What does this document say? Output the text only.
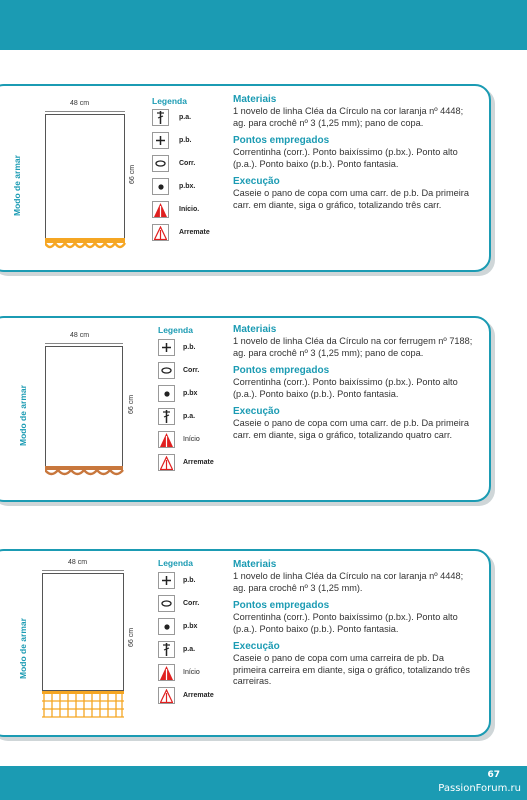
Modo de armar
48 cm
66 cm
Legenda
p.a.
p.b.
Corr.
p.bx.
Início.
Arremate
Materiais
1 novelo de linha Cléa da Círculo na cor laranja nº 4448; ag. para crochê nº 3 (1,25 mm); pano de copa.
Pontos empregados
Correntinha (corr.). Ponto baixíssimo (p.bx.). Ponto alto (p.a.). Ponto baixo (p.b.). Ponto fantasia.
Execução
Caseie o pano de copa com uma carr. de p.b. Da primeira carr. em diante, siga o gráfico, totalizando três carr.
Modo de armar
48 cm
66 cm
Legenda
p.b.
Corr.
p.bx
p.a.
Início
Arremate
Materiais
1 novelo de linha Cléa da Círculo na cor ferrugem nº 7188; ag. para crochê nº 3 (1,25 mm); pano de copa.
Pontos empregados
Correntinha (corr.). Ponto baixíssimo (p.bx.). Ponto alto (p.a.). Ponto baixo (p.b.). Ponto fantasia.
Execução
Caseie o pano de copa com uma carr. de p.b. Da primeira carr. em diante, siga o gráfico, totalizando quatro carr.
Modo de armar
48 cm
66 cm
Legenda
p.b.
Corr.
p.bx
p.a.
Início
Arremate
Materiais
1 novelo de linha Cléa da Círculo na cor laranja nº 4448; ag. para crochê nº 3 (1,25 mm).
Pontos empregados
Correntinha (corr.). Ponto baixíssimo (p.bx.). Ponto alto (p.a.). Ponto baixo (p.b.). Ponto fantasia.
Execução
Caseie o pano de copa com uma carreira de pb. Da primeira carreira em diante, siga o gráfico, totalizando três carreiras.
67
PassionForum.ru
